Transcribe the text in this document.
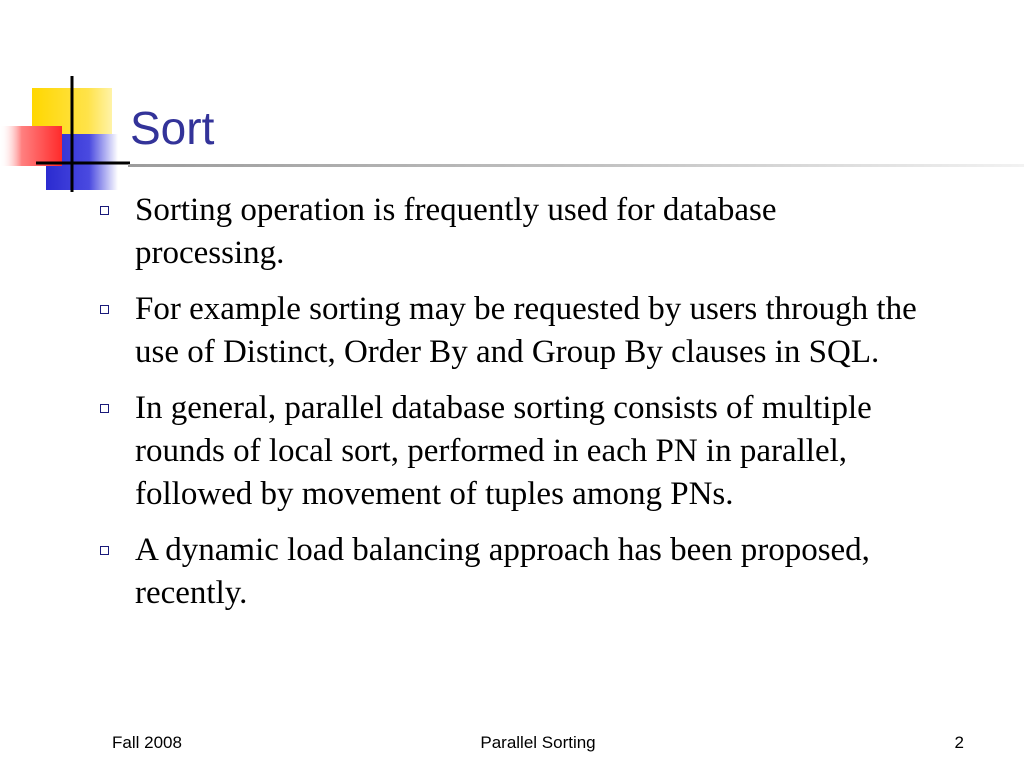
Sort
Sorting operation is frequently used for database processing.
For example sorting may be requested by users through the use of Distinct, Order By and Group By clauses in SQL.
In general, parallel database sorting consists of multiple rounds of local sort, performed in each PN in parallel, followed by movement of tuples among PNs.
A dynamic load balancing approach has been proposed, recently.
Fall 2008	Parallel Sorting	2
